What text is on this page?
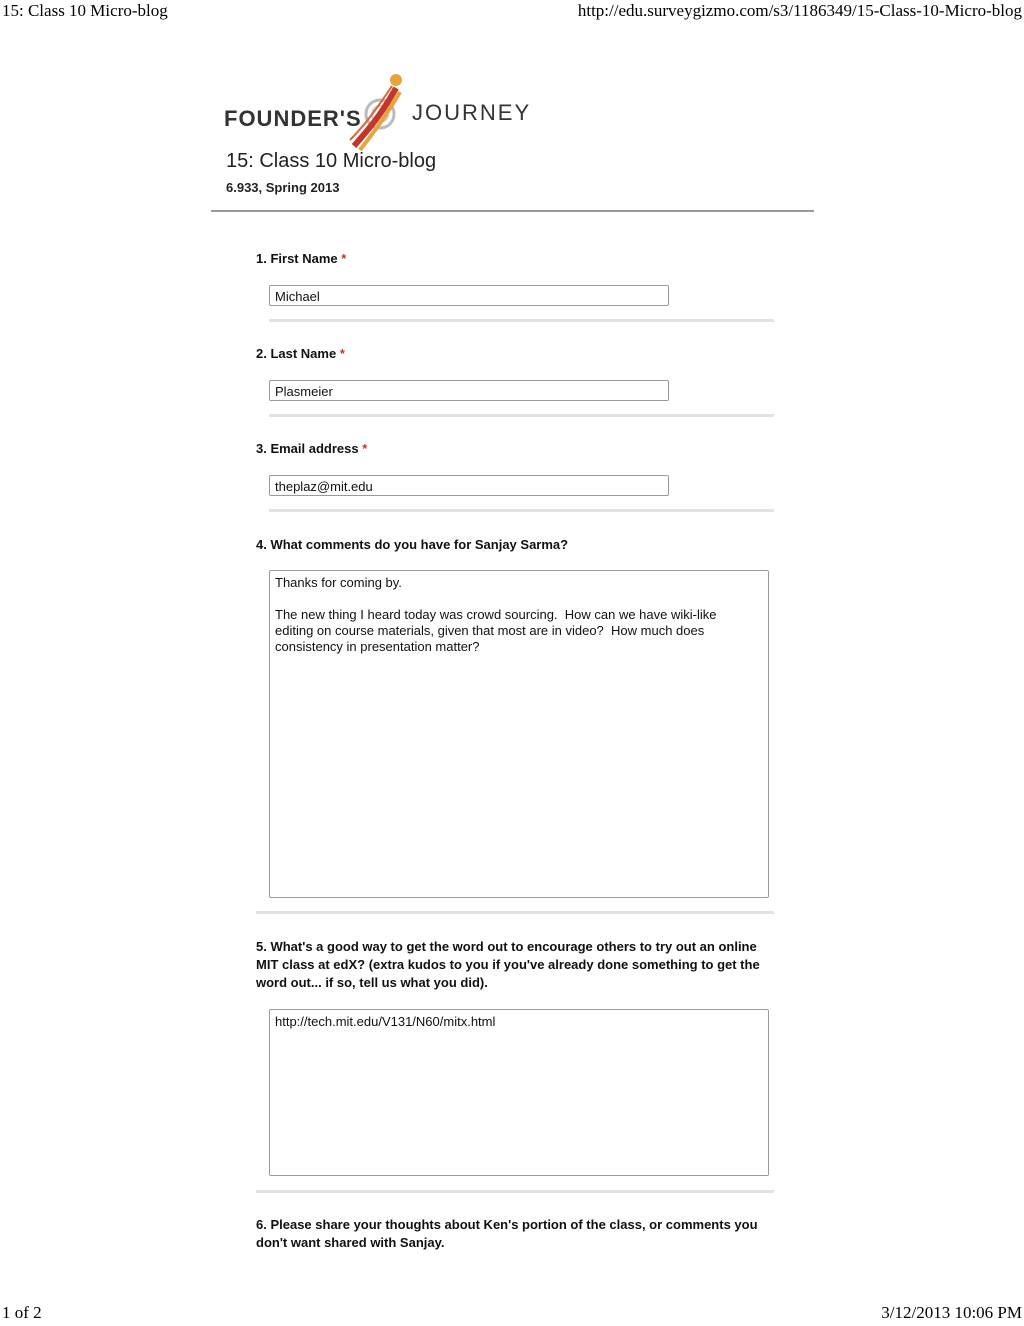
15: Class 10 Micro-blog	http://edu.surveygizmo.com/s3/1186349/15-Class-10-Micro-blog
FOUNDER'S JOURNEY
15: Class 10 Micro-blog
6.933, Spring 2013
1. First Name *
Michael
2. Last Name *
Plasmeier
3. Email address *
theplaz@mit.edu
4. What comments do you have for Sanjay Sarma?
Thanks for coming by.

The new thing I heard today was crowd sourcing.  How can we have wiki-like
editing on course materials, given that most are in video?  How much does
consistency in presentation matter?
5. What's a good way to get the word out to encourage others to try out an online MIT class at edX? (extra kudos to you if you've already done something to get the word out... if so, tell us what you did).
http://tech.mit.edu/V131/N60/mitx.html
6. Please share your thoughts about Ken's portion of the class, or comments you don't want shared with Sanjay.
1 of 2	3/12/2013 10:06 PM
